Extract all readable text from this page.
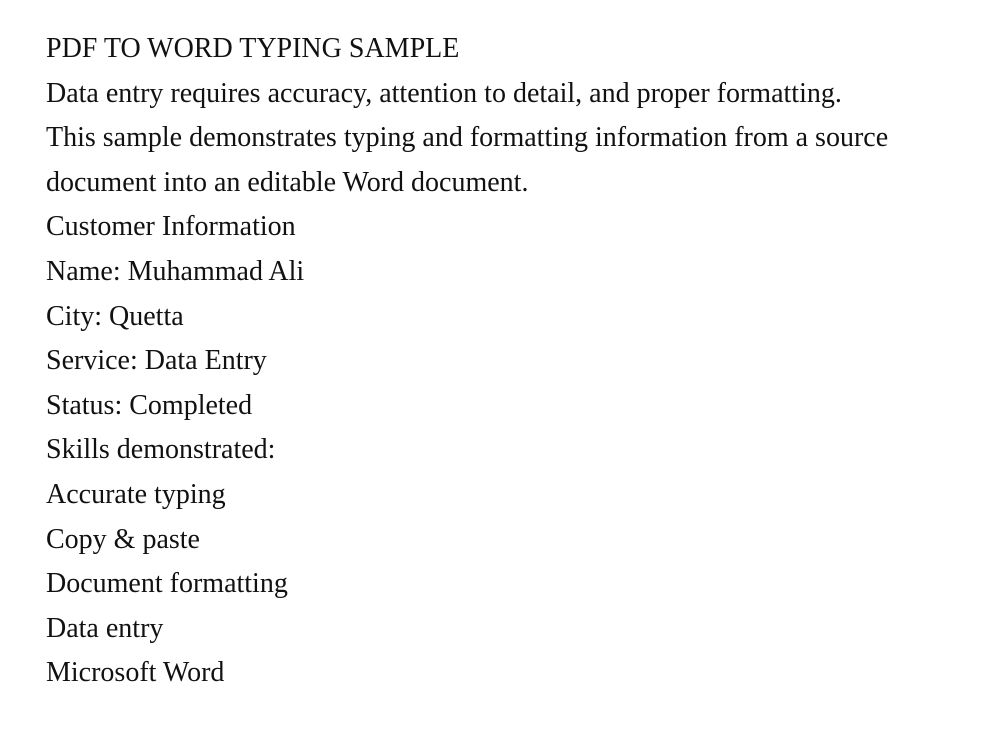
PDF TO WORD TYPING SAMPLE
Data entry requires accuracy, attention to detail, and proper formatting.
This sample demonstrates typing and formatting information from a source
document into an editable Word document.
Customer Information
Name: Muhammad Ali
City: Quetta
Service: Data Entry
Status: Completed
Skills demonstrated:
Accurate typing
Copy & paste
Document formatting
Data entry
Microsoft Word
